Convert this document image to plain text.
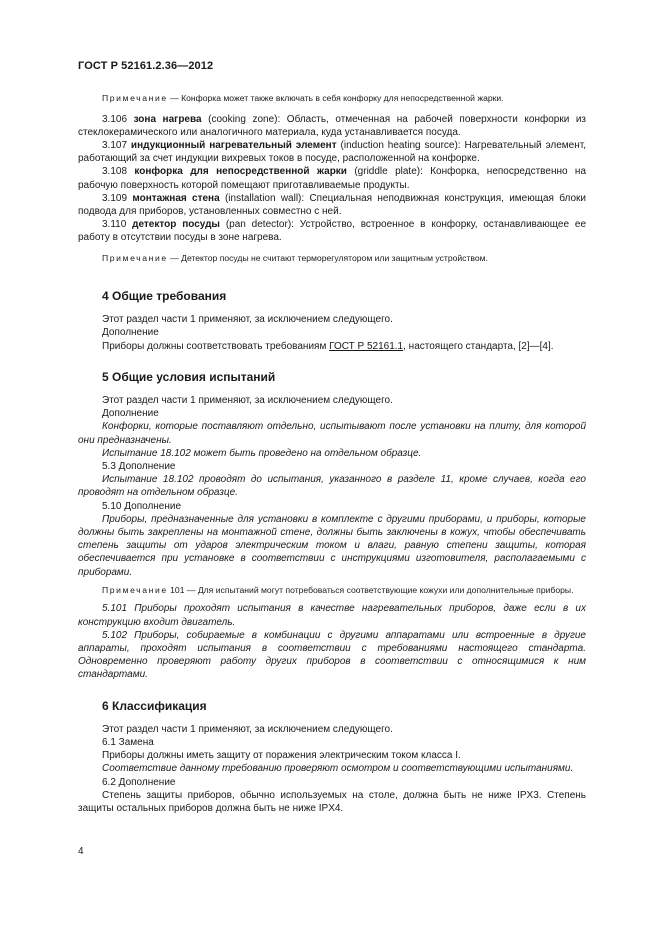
ГОСТ Р 52161.2.36—2012

Примечание — Конфорка может также включать в себя конфорку для непосредственной жарки.

3.106 зона нагрева (cooking zone): Область, отмеченная на рабочей поверхности конфорки из стеклокерамического или аналогичного материала, куда устанавливается посуда.

3.107 индукционный нагревательный элемент (induction heating source): Нагревательный элемент, работающий за счет индукции вихревых токов в посуде, расположенной на конфорке.

3.108 конфорка для непосредственной жарки (griddle plate): Конфорка, непосредственно на рабочую поверхность которой помещают приготавливаемые продукты.

3.109 монтажная стена (installation wall): Специальная неподвижная конструкция, имеющая блоки подвода для приборов, установленных совместно с ней.

3.110 детектор посуды (pan detector): Устройство, встроенное в конфорку, останавливающее ее работу в отсутствии посуды в зоне нагрева.

Примечание — Детектор посуды не считают терморегулятором или защитным устройством.

4 Общие требования

Этот раздел части 1 применяют, за исключением следующего.

Дополнение

Приборы должны соответствовать требованиям ГОСТ Р 52161.1, настоящего стандарта, [2]—[4].

5 Общие условия испытаний

Этот раздел части 1 применяют, за исключением следующего.

Дополнение

Конфорки, которые поставляют отдельно, испытывают после установки на плиту, для которой они предназначены.

Испытание 18.102 может быть проведено на отдельном образце.

5.3 Дополнение

Испытание 18.102 проводят до испытания, указанного в разделе 11, кроме случаев, когда его проводят на отдельном образце.

5.10 Дополнение

Приборы, предназначенные для установки в комплекте с другими приборами, и приборы, которые должны быть закреплены на монтажной стене, должны быть заключены в кожух, чтобы обеспечивать степень защиты от ударов электрическим током и влаги, равную степени защиты, которая обеспечивается при установке в соответствии с инструкциями изготовителя, располагаемыми с приборами.

Примечание 101 — Для испытаний могут потребоваться соответствующие кожухи или дополнительные приборы.

5.101 Приборы проходят испытания в качестве нагревательных приборов, даже если в их конструкцию входит двигатель.

5.102 Приборы, собираемые в комбинации с другими аппаратами или встроенные в другие аппараты, проходят испытания в соответствии с требованиями настоящего стандарта. Одновременно проверяют работу других приборов в соответствии с относящимися к ним стандартами.

6 Классификация

Этот раздел части 1 применяют, за исключением следующего.

6.1 Замена

Приборы должны иметь защиту от поражения электрическим током класса I.

Соответствие данному требованию проверяют осмотром и соответствующими испытаниями.

6.2 Дополнение

Степень защиты приборов, обычно используемых на столе, должна быть не ниже IPX3. Степень защиты остальных приборов должна быть не ниже IPX4.

4
